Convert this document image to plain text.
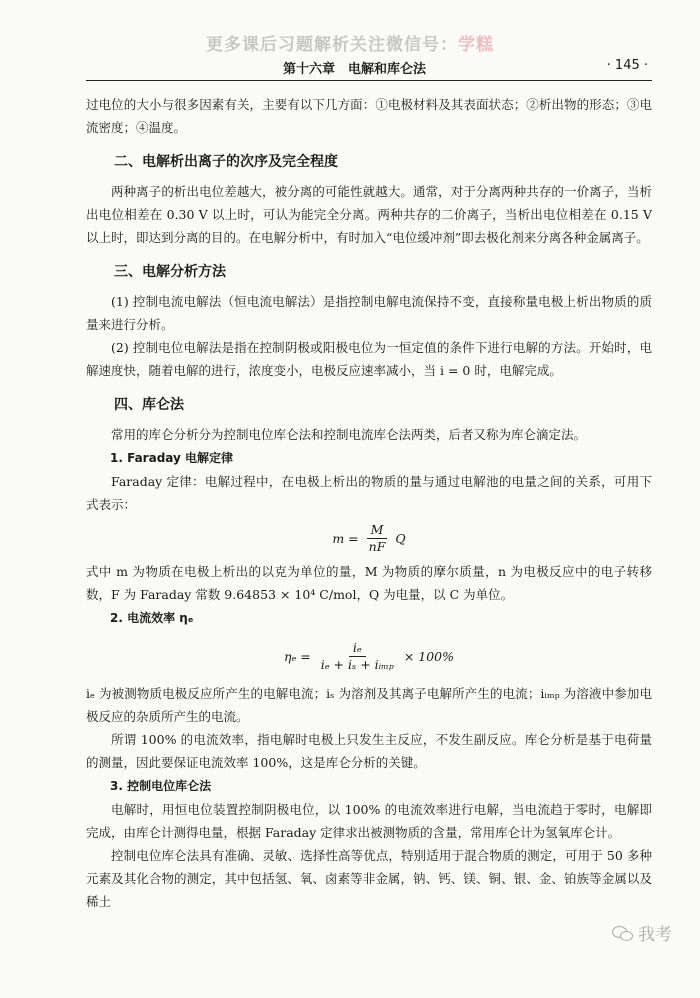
更多课后习题解析关注微信号：学糕
第十六章　电解和库仑法	· 145 ·

过电位的大小与很多因素有关，主要有以下几方面：①电极材料及其表面状态；②析出物的形态；③电流密度；④温度。

二、电解析出离子的次序及完全程度

两种离子的析出电位差越大，被分离的可能性就越大。通常，对于分离两种共存的一价离子，当析出电位相差在 0.30 V 以上时，可认为能完全分离。两种共存的二价离子，当析出电位相差在 0.15 V 以上时，即达到分离的目的。在电解分析中，有时加入“电位缓冲剂”即去极化剂来分离各种金属离子。

三、电解分析方法

(1) 控制电流电解法（恒电流电解法）是指控制电解电流保持不变，直接称量电极上析出物质的质量来进行分析。

(2) 控制电位电解法是指在控制阴极或阳极电位为一恒定值的条件下进行电解的方法。开始时，电解速度快，随着电解的进行，浓度变小，电极反应速率减小，当 i = 0 时，电解完成。

四、库仑法

常用的库仑分析分为控制电位库仑法和控制电流库仑法两类，后者又称为库仑滴定法。

1. Faraday 电解定律

Faraday 定律：电解过程中，在电极上析出的物质的量与通过电解池的电量之间的关系，可用下式表示：

$m = \frac{M}{nF}$ Q

式中 m 为物质在电极上析出的以克为单位的量，M 为物质的摩尔质量，n 为电极反应中的电子转移数，F 为 Faraday 常数 9.64853 × 10⁴ C/mol，Q 为电量，以 C 为单位。

2. 电流效率 ηₑ
$\eta_e = \frac{\text{iₑ}}{\text{iₑ + iₛ + iᵢₘₚ}} \times 100\%$

iₑ 为被测物质电极反应所产生的电解电流；iₛ 为溶剂及其离子电解所产生的电流；iᵢₘₚ 为溶液中参加电极反应的杂质所产生的电流。

所谓 100% 的电流效率，指电解时电极上只发生主反应，不发生副反应。库仑分析是基于电荷量的测量，因此要保证电流效率 100%，这是库仑分析的关键。

3. 控制电位库仑法

电解时，用恒电位装置控制阴极电位，以 100% 的电流效率进行电解，当电流趋于零时，电解即完成，由库仑计测得电量，根据 Faraday 定律求出被测物质的含量，常用库仑计为氢氧库仑计。

控制电位库仑法具有准确、灵敏、选择性高等优点，特别适用于混合物质的测定，可用于 50 多种元素及其化合物的测定，其中包括氢、氧、卤素等非金属，钠、钙、镁、铜、银、金、铂族等金属以及稀土

我考
